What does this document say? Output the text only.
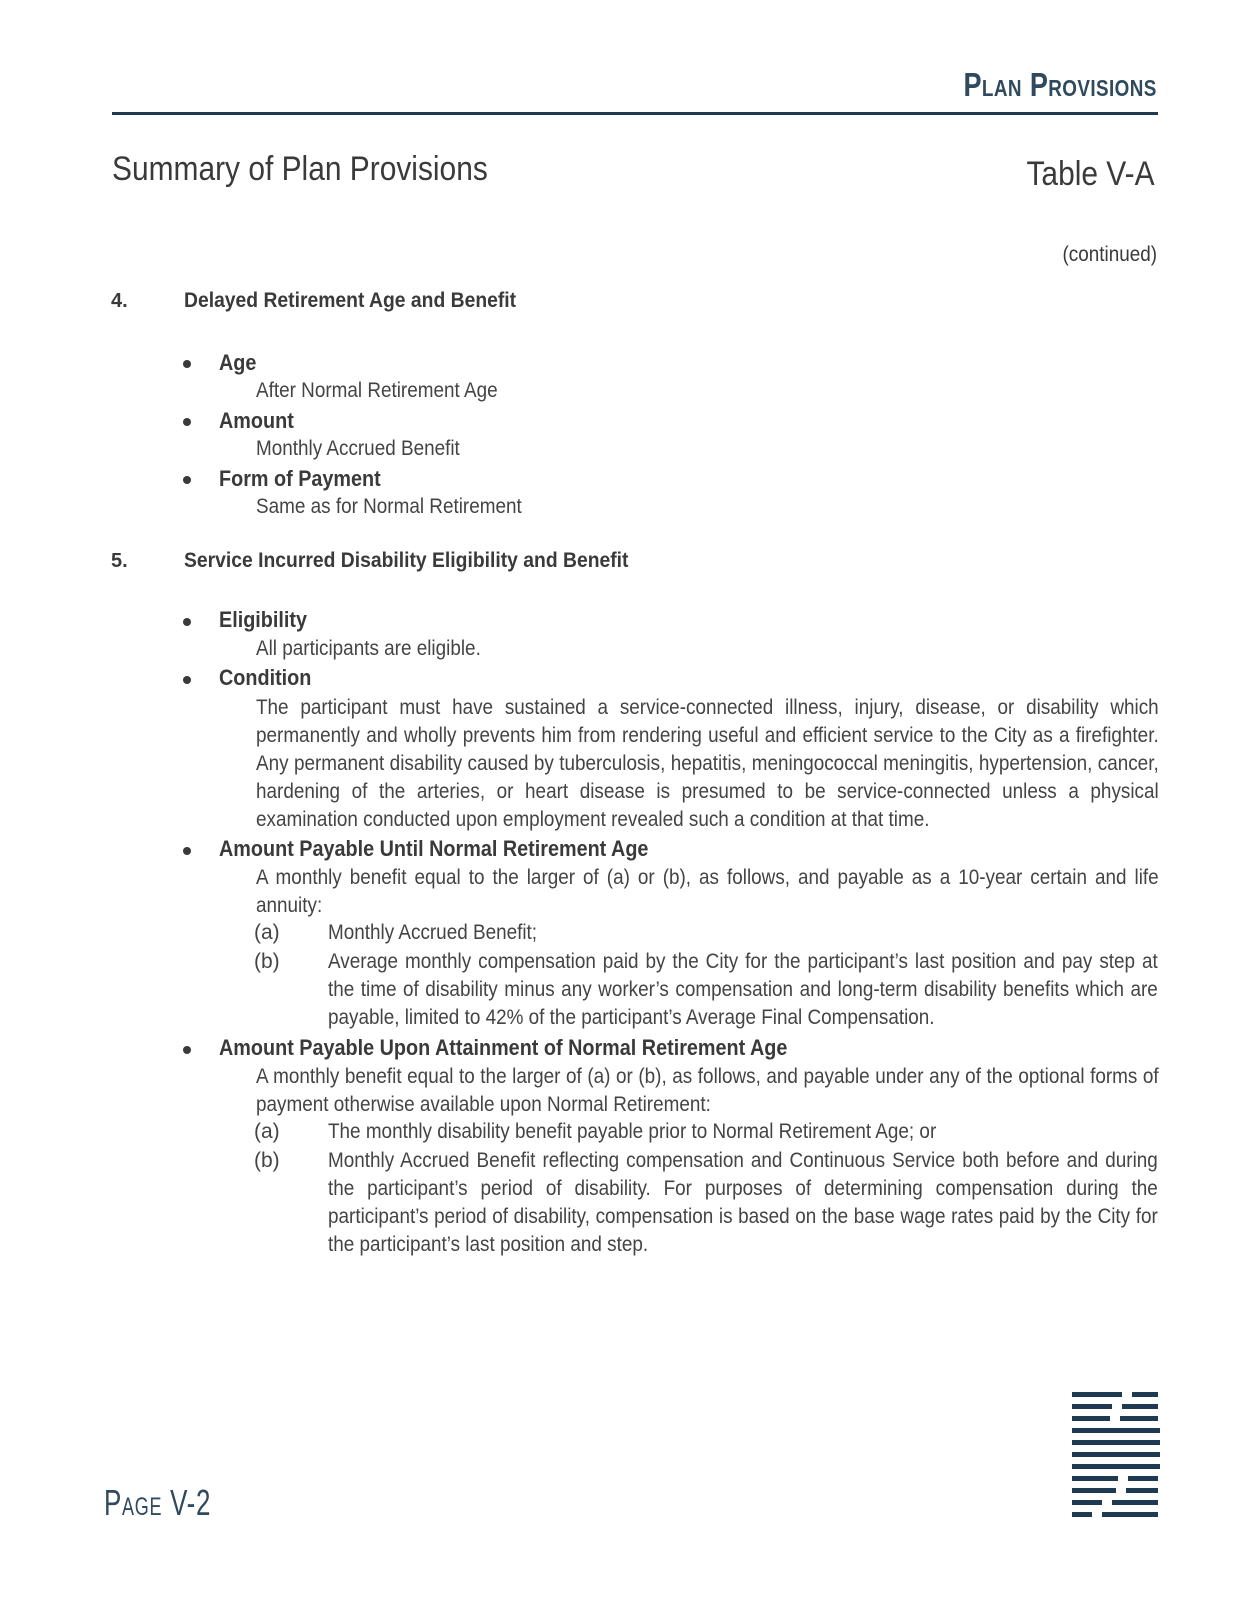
Plan Provisions
Summary of Plan Provisions	Table V-A
(continued)
4.	Delayed Retirement Age and Benefit
Age
After Normal Retirement Age
Amount
Monthly Accrued Benefit
Form of Payment
Same as for Normal Retirement
5.	Service Incurred Disability Eligibility and Benefit
Eligibility
All participants are eligible.
Condition
The participant must have sustained a service-connected illness, injury, disease, or disability which permanently and wholly prevents him from rendering useful and efficient service to the City as a firefighter. Any permanent disability caused by tuberculosis, hepatitis, meningococcal meningitis, hypertension, cancer, hardening of the arteries, or heart disease is presumed to be service-connected unless a physical examination conducted upon employment revealed such a condition at that time.
Amount Payable Until Normal Retirement Age
A monthly benefit equal to the larger of (a) or (b), as follows, and payable as a 10-year certain and life annuity:
(a) Monthly Accrued Benefit;
(b) Average monthly compensation paid by the City for the participant’s last position and pay step at the time of disability minus any worker’s compensation and long-term disability benefits which are payable, limited to 42% of the participant’s Average Final Compensation.
Amount Payable Upon Attainment of Normal Retirement Age
A monthly benefit equal to the larger of (a) or (b), as follows, and payable under any of the optional forms of payment otherwise available upon Normal Retirement:
(a) The monthly disability benefit payable prior to Normal Retirement Age; or
(b) Monthly Accrued Benefit reflecting compensation and Continuous Service both before and during the participant’s period of disability. For purposes of determining compensation during the participant’s period of disability, compensation is based on the base wage rates paid by the City for the participant’s last position and step.
Page V-2
